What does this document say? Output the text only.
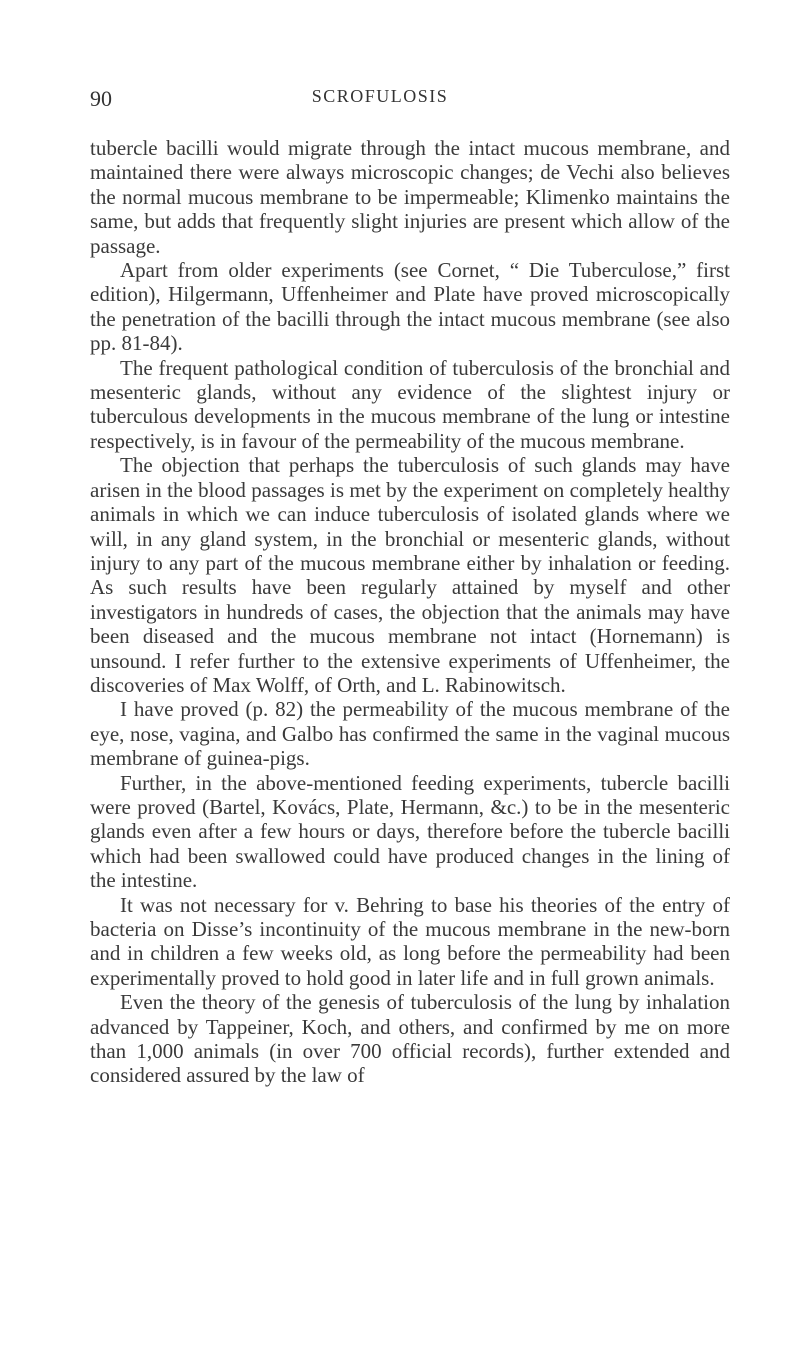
90	SCROFULOSIS

tubercle bacilli would migrate through the intact mucous membrane, and maintained there were always microscopic changes; de Vechi also believes the normal mucous membrane to be impermeable; Klimenko maintains the same, but adds that frequently slight injuries are present which allow of the passage.

Apart from older experiments (see Cornet, “ Die Tuberculose,” first edition), Hilgermann, Uffenheimer and Plate have proved microscopically the penetration of the bacilli through the intact mucous membrane (see also pp. 81-84).

The frequent pathological condition of tuberculosis of the bronchial and mesenteric glands, without any evidence of the slightest injury or tuberculous developments in the mucous membrane of the lung or intestine respectively, is in favour of the permeability of the mucous membrane.

The objection that perhaps the tuberculosis of such glands may have arisen in the blood passages is met by the experiment on completely healthy animals in which we can induce tuberculosis of isolated glands where we will, in any gland system, in the bronchial or mesenteric glands, without injury to any part of the mucous membrane either by inhalation or feeding. As such results have been regularly attained by myself and other investigators in hundreds of cases, the objection that the animals may have been diseased and the mucous membrane not intact (Hornemann) is unsound. I refer further to the extensive experiments of Uffenheimer, the discoveries of Max Wolff, of Orth, and L. Rabinowitsch.

I have proved (p. 82) the permeability of the mucous membrane of the eye, nose, vagina, and Galbo has confirmed the same in the vaginal mucous membrane of guinea-pigs.

Further, in the above-mentioned feeding experiments, tubercle bacilli were proved (Bartel, Kovács, Plate, Hermann, &c.) to be in the mesenteric glands even after a few hours or days, therefore before the tubercle bacilli which had been swallowed could have produced changes in the lining of the intestine.

It was not necessary for v. Behring to base his theories of the entry of bacteria on Disse’s incontinuity of the mucous membrane in the new-born and in children a few weeks old, as long before the permeability had been experimentally proved to hold good in later life and in full grown animals.

Even the theory of the genesis of tuberculosis of the lung by inhalation advanced by Tappeiner, Koch, and others, and confirmed by me on more than 1,000 animals (in over 700 official records), further extended and considered assured by the law of
